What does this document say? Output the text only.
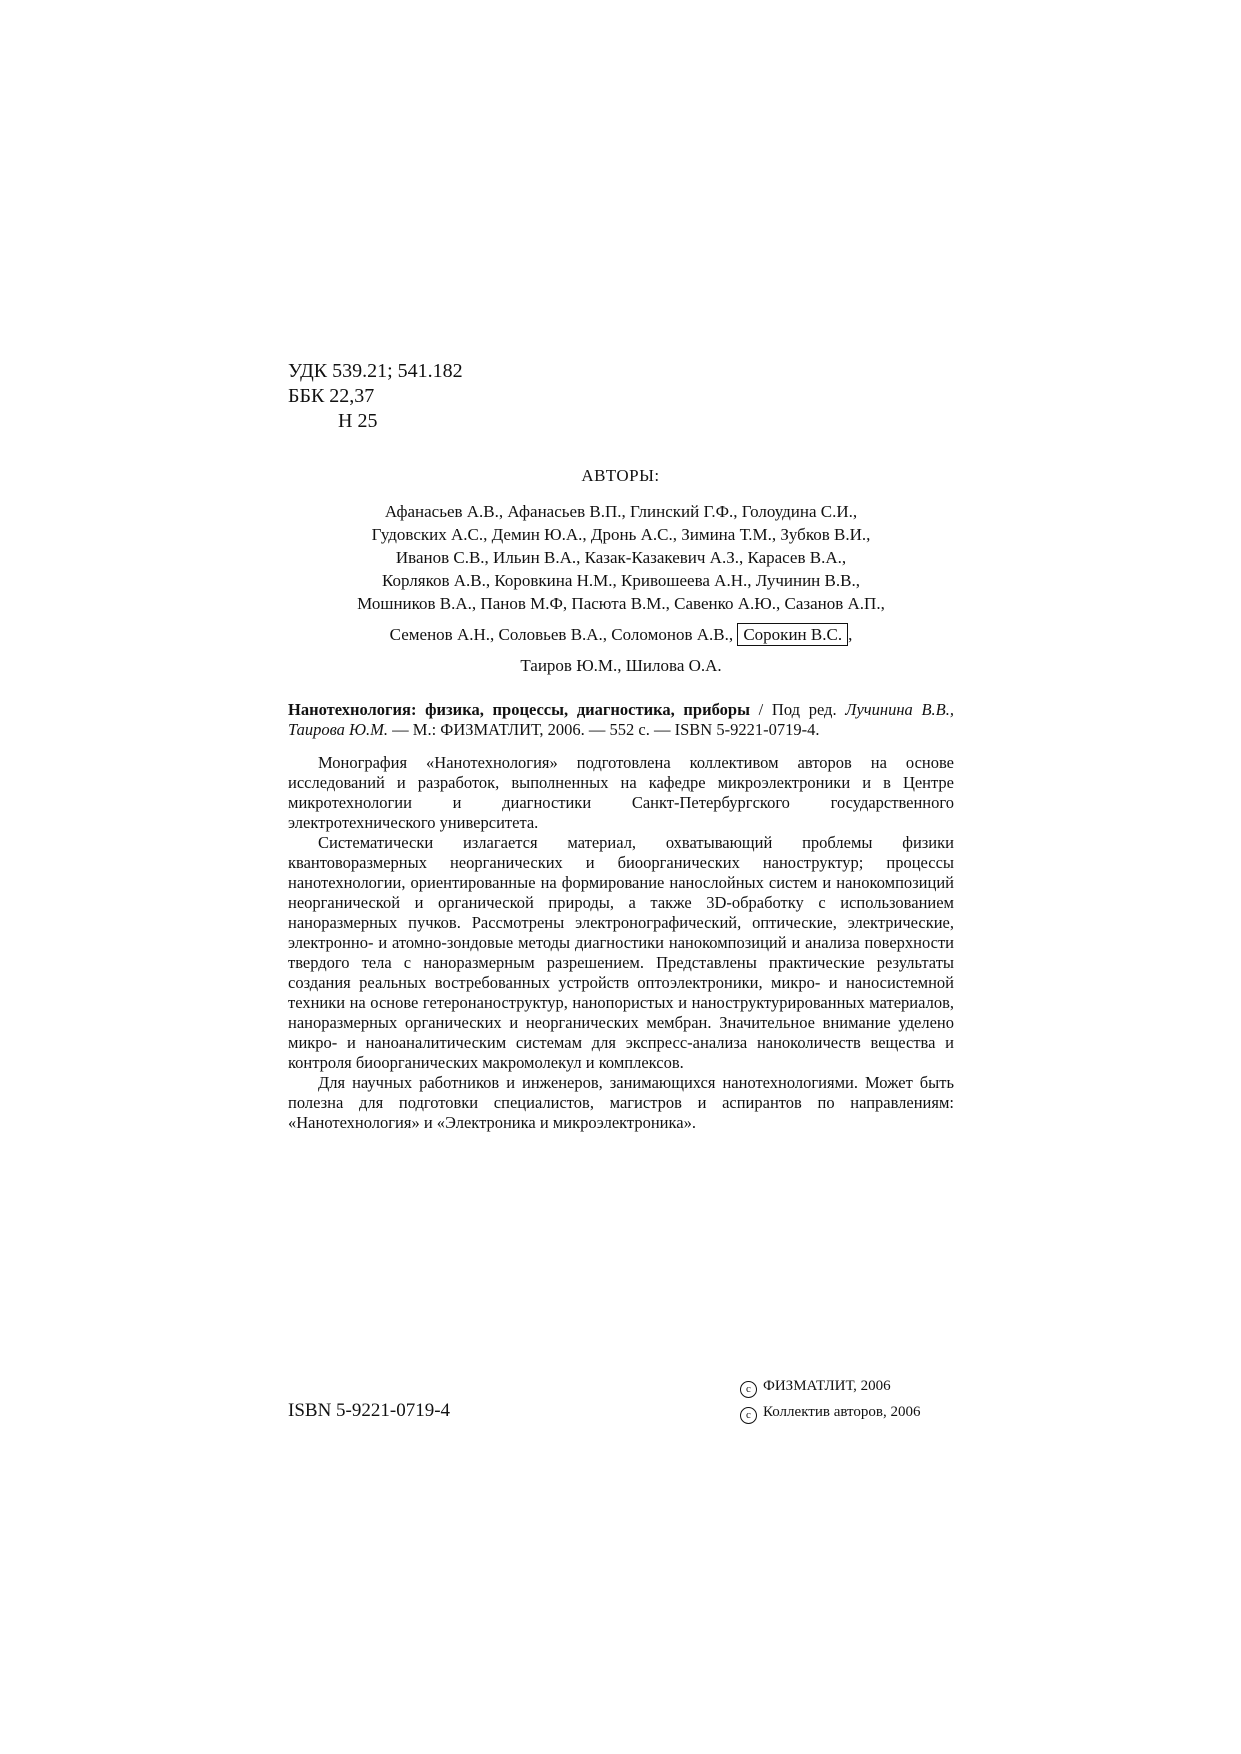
УДК 539.21; 541.182
ББК 22,37
Н 25
АВТОРЫ:
Афанасьев А.В., Афанасьев В.П., Глинский Г.Ф., Голоудина С.И.,
Гудовских А.С., Демин Ю.А., Дронь А.С., Зимина Т.М., Зубков В.И.,
Иванов С.В., Ильин В.А., Казак-Казакевич А.З., Карасев В.А.,
Корляков А.В., Коровкина Н.М., Кривошеева А.Н., Лучинин В.В.,
Мошников В.А., Панов М.Ф, Пасюта В.М., Савенко А.Ю., Сазанов А.П.,
Семенов А.Н., Соловьев В.А., Соломонов А.В., Сорокин В.С. ,
Таиров Ю.М., Шилова О.А.

Нанотехнология: физика, процессы, диагностика, приборы / Под ред. Лучинина В.В., Таирова Ю.М. — М.: ФИЗМАТЛИТ, 2006. — 552 с. — ISBN 5-9221-0719-4.

Монография «Нанотехнология» подготовлена коллективом авторов на основе исследований и разработок, выполненных на кафедре микроэлектроники и в Центре микротехнологии и диагностики Санкт-Петербургского государственного электротехнического университета.

Систематически излагается материал, охватывающий проблемы физики квантоворазмерных неорганических и биоорганических наноструктур; процессы нанотехнологии, ориентированные на формирование нанослойных систем и нанокомпозиций неорганической и органической природы, а также 3D-обработку с использованием наноразмерных пучков. Рассмотрены электронографический, оптические, электрические, электронно- и атомно-зондовые методы диагностики нанокомпозиций и анализа поверхности твердого тела с наноразмерным разрешением. Представлены практические результаты создания реальных востребованных устройств оптоэлектроники, микро- и наносистемной техники на основе гетеронаноструктур, нанопористых и наноструктурированных материалов, наноразмерных органических и неорганических мембран. Значительное внимание уделено микро- и наноаналитическим системам для экспресс-анализа наноколичеств вещества и контроля биоорганических макромолекул и комплексов.

Для научных работников и инженеров, занимающихся нанотехнологиями. Может быть полезна для подготовки специалистов, магистров и аспирантов по направлениям: «Нанотехнология» и «Электроника и микроэлектроника».

ISBN 5-9221-0719-4
c ФИЗМАТЛИТ, 2006
c Коллектив авторов, 2006
